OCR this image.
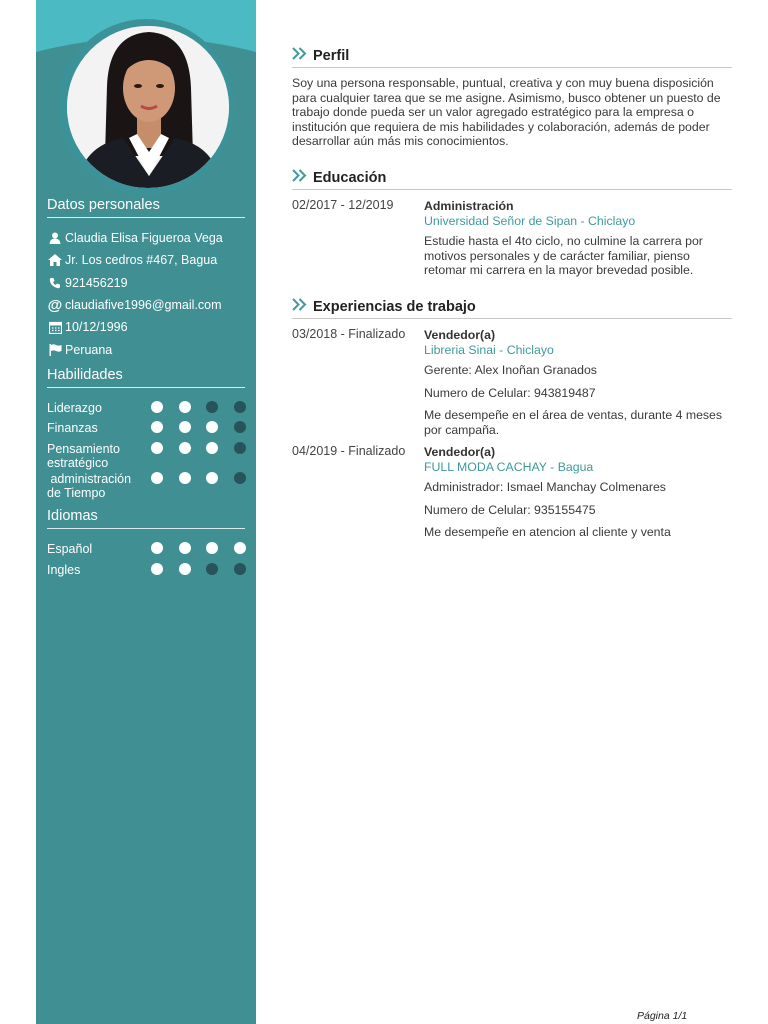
Datos personales
Claudia Elisa Figueroa Vega
Jr. Los cedros #467, Bagua
921456219
@ claudiafive1996@gmail.com
10/12/1996
Peruana
Habilidades
Liderazgo
Finanzas
Pensamiento estratégico
administración de Tiempo
Idiomas
Español
Ingles
Perfil
Soy una persona responsable, puntual, creativa y con muy buena disposición para cualquier tarea que se me asigne. Asimismo, busco obtener un puesto de trabajo donde pueda ser un valor agregado estratégico para la empresa o institución que requiera de mis habilidades y colaboración, además de poder desarrollar aún más mis conocimientos.
Educación
02/2017 - 12/2019 Administración

Universidad Señor de Sipan - Chiclayo

Estudie hasta el 4to ciclo, no culmine la carrera por motivos personales y de carácter familiar, pienso retomar mi carrera en la mayor brevedad posible.

Experiencias de trabajo
03/2018 - Finalizado Vendedor(a)

Libreria Sinai - Chiclayo

Gerente: Alex Inoñan Granados

Numero de Celular: 943819487

Me desempeñe en el área de ventas, durante 4 meses por campaña.

04/2019 - Finalizado Vendedor(a)

FULL MODA CACHAY - Bagua

Administrador: Ismael Manchay Colmenares

Numero de Celular: 935155475

Me desempeñe en atencion al cliente y venta

Página 1/1
